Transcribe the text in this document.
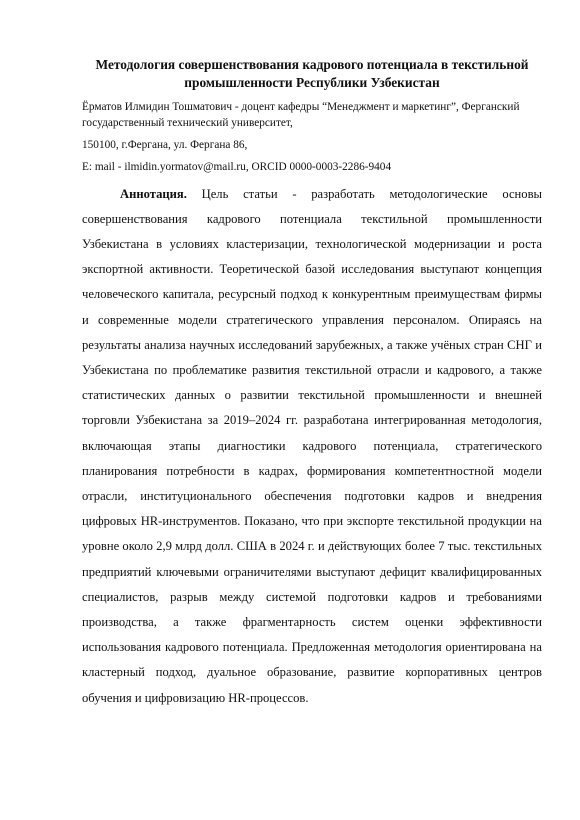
Методология совершенствования кадрового потенциала в текстильной промышленности Республики Узбекистан
Ёрматов Илмидин Тошматович - доцент кафедры “Менеджмент и маркетинг”, Ферганский государственный технический университет,
150100, г.Фергана, ул. Фергана 86,
E: mail - ilmidin.yormatov@mail.ru, ORCID 0000-0003-2286-9404

Аннотация. Цель статьи - разработать методологические основы совершенствования кадрового потенциала текстильной промышленности Узбекистана в условиях кластеризации, технологической модернизации и роста экспортной активности. Теоретической базой исследования выступают концепция человеческого капитала, ресурсный подход к конкурентным преимуществам фирмы и современные модели стратегического управления персоналом. Опираясь на результаты анализа научных исследований зарубежных, а также учёных стран СНГ и Узбекистана по проблематике развития текстильной отрасли и кадрового, а также статистических данных о развитии текстильной промышленности и внешней торговли Узбекистана за 2019–2024 гг. разработана интегрированная методология, включающая этапы диагностики кадрового потенциала, стратегического планирования потребности в кадрах, формирования компетентностной модели отрасли, институционального обеспечения подготовки кадров и внедрения цифровых HR-инструментов. Показано, что при экспорте текстильной продукции на уровне около 2,9 млрд долл. США в 2024 г. и действующих более 7 тыс. текстильных предприятий ключевыми ограничителями выступают дефицит квалифицированных специалистов, разрыв между системой подготовки кадров и требованиями производства, а также фрагментарность систем оценки эффективности использования кадрового потенциала. Предложенная методология ориентирована на кластерный подход, дуальное образование, развитие корпоративных центров обучения и цифровизацию HR-процессов.
